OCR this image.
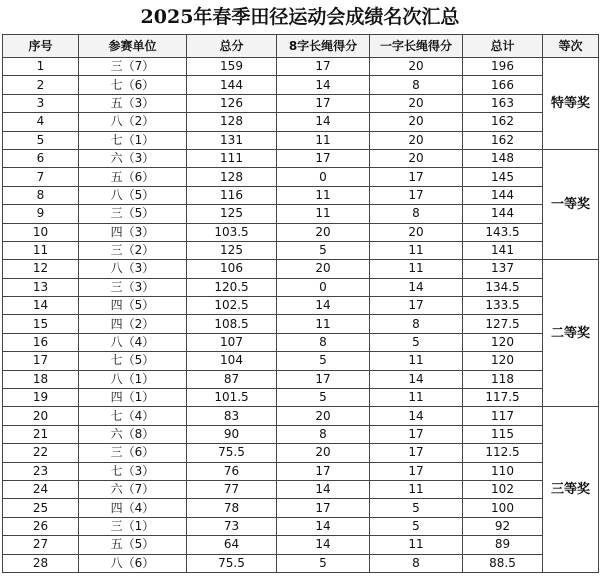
2025年春季田径运动会成绩名次汇总
序号	参赛单位	总分	8字长绳得分	一字长绳得分	总计	等次
1	三（7）	159	17	20	196	特等奖
2	七（6）	144	14	8	166	
3	五（3）	126	17	20	163	
4	八（2）	128	14	20	162	
5	七（1）	131	11	20	162	
6	六（3）	111	17	20	148	一等奖
7	五（6）	128	0	17	145	
8	八（5）	116	11	17	144	
9	三（5）	125	11	8	144	
10	四（3）	103.5	20	20	143.5	
11	三（2）	125	5	11	141	
12	八（3）	106	20	11	137	二等奖
13	三（3）	120.5	0	14	134.5	
14	四（5）	102.5	14	17	133.5	
15	四（2）	108.5	11	8	127.5	
16	八（4）	107	8	5	120	
17	七（5）	104	5	11	120	
18	八（1）	87	17	14	118	
19	四（1）	101.5	5	11	117.5	
20	七（4）	83	20	14	117	三等奖
21	六（8）	90	8	17	115	
22	三（6）	75.5	20	17	112.5	
23	七（3）	76	17	17	110	
24	六（7）	77	14	11	102	
25	四（4）	78	17	5	100	
26	三（1）	73	14	5	92	
27	五（5）	64	14	11	89	
28	八（6）	75.5	5	8	88.5	
